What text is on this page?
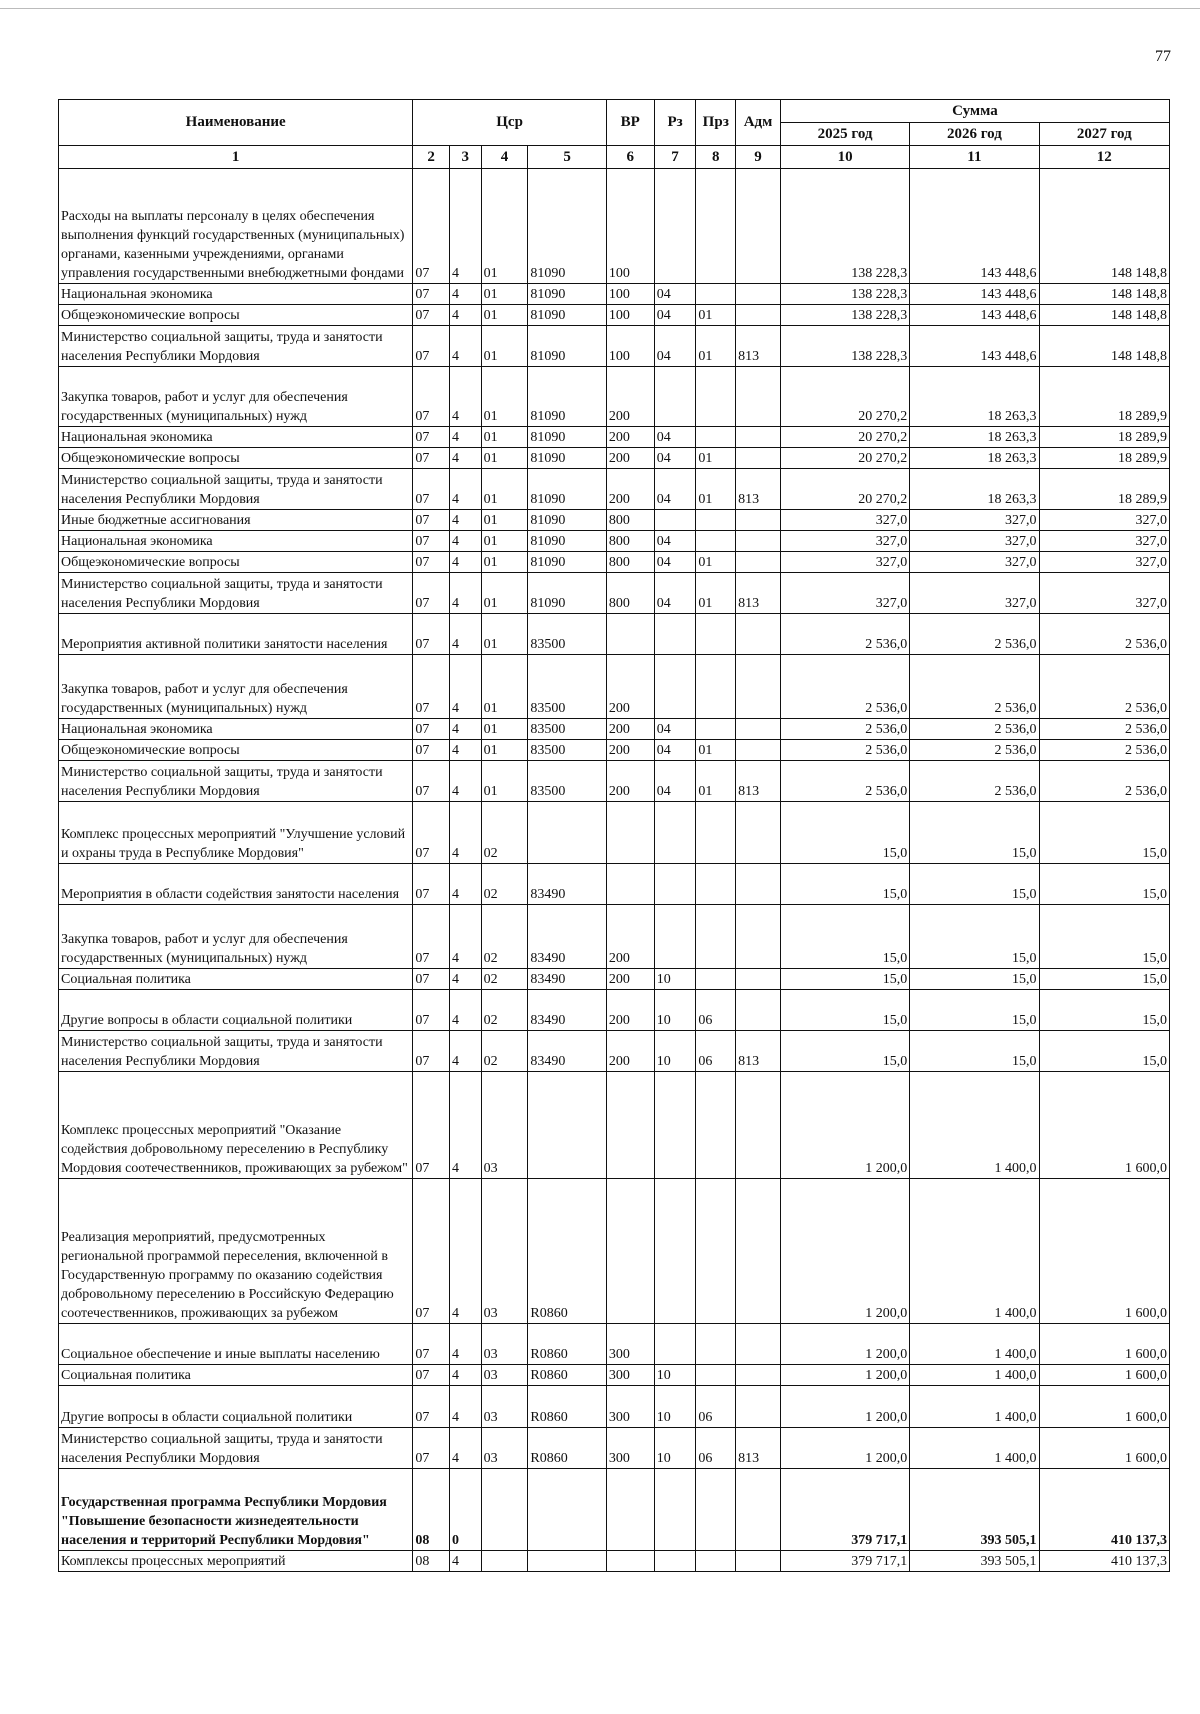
77
Наименование	Цср				ВР	Рз	Прз	Адм	Сумма		
									2025 год	2026 год	2027 год
1	2	3	4	5	6	7	8	9	10	11	12
Расходы на выплаты персоналу в целях обеспечения выполнения функций государственных (муниципальных) органами, казенными учреждениями, органами управления государственными внебюджетными фондами	07	4	01	81090	100				138 228,3	143 448,6	148 148,8
Национальная экономика	07	4	01	81090	100	04			138 228,3	143 448,6	148 148,8
Общеэкономические вопросы	07	4	01	81090	100	04	01		138 228,3	143 448,6	148 148,8
Министерство социальной защиты, труда и занятости населения Республики Мордовия	07	4	01	81090	100	04	01	813	138 228,3	143 448,6	148 148,8
Закупка товаров, работ и услуг для обеспечения государственных (муниципальных) нужд	07	4	01	81090	200				20 270,2	18 263,3	18 289,9
Национальная экономика	07	4	01	81090	200	04			20 270,2	18 263,3	18 289,9
Общеэкономические вопросы	07	4	01	81090	200	04	01		20 270,2	18 263,3	18 289,9
Министерство социальной защиты, труда и занятости населения Республики Мордовия	07	4	01	81090	200	04	01	813	20 270,2	18 263,3	18 289,9
Иные бюджетные ассигнования	07	4	01	81090	800				327,0	327,0	327,0
Национальная экономика	07	4	01	81090	800	04			327,0	327,0	327,0
Общеэкономические вопросы	07	4	01	81090	800	04	01		327,0	327,0	327,0
Министерство социальной защиты, труда и занятости населения Республики Мордовия	07	4	01	81090	800	04	01	813	327,0	327,0	327,0
Мероприятия активной политики занятости населения	07	4	01	83500					2 536,0	2 536,0	2 536,0
Закупка товаров, работ и услуг для обеспечения государственных (муниципальных) нужд	07	4	01	83500	200				2 536,0	2 536,0	2 536,0
Национальная экономика	07	4	01	83500	200	04			2 536,0	2 536,0	2 536,0
Общеэкономические вопросы	07	4	01	83500	200	04	01		2 536,0	2 536,0	2 536,0
Министерство социальной защиты, труда и занятости населения Республики Мордовия	07	4	01	83500	200	04	01	813	2 536,0	2 536,0	2 536,0
Комплекс процессных мероприятий "Улучшение условий и охраны труда в Республике Мордовия"	07	4	02						15,0	15,0	15,0
Мероприятия в области содействия занятости населения	07	4	02	83490					15,0	15,0	15,0
Закупка товаров, работ и услуг для обеспечения государственных (муниципальных) нужд	07	4	02	83490	200				15,0	15,0	15,0
Социальная политика	07	4	02	83490	200	10			15,0	15,0	15,0
Другие вопросы в области социальной политики	07	4	02	83490	200	10	06		15,0	15,0	15,0
Министерство социальной защиты, труда и занятости населения Республики Мордовия	07	4	02	83490	200	10	06	813	15,0	15,0	15,0
Комплекс процессных мероприятий "Оказание содействия добровольному переселению в Республику Мордовия соотечественников, проживающих за рубежом"	07	4	03						1 200,0	1 400,0	1 600,0
Реализация мероприятий, предусмотренных региональной программой переселения, включенной в Государственную программу по оказанию содействия добровольному переселению в Российскую Федерацию соотечественников, проживающих за рубежом	07	4	03	R0860					1 200,0	1 400,0	1 600,0
Социальное обеспечение и иные выплаты населению	07	4	03	R0860	300				1 200,0	1 400,0	1 600,0
Социальная политика	07	4	03	R0860	300	10			1 200,0	1 400,0	1 600,0
Другие вопросы в области социальной политики	07	4	03	R0860	300	10	06		1 200,0	1 400,0	1 600,0
Министерство социальной защиты, труда и занятости населения Республики Мордовия	07	4	03	R0860	300	10	06	813	1 200,0	1 400,0	1 600,0
Государственная программа Республики Мордовия "Повышение безопасности жизнедеятельности населения и территорий Республики Мордовия"	08	0							379 717,1	393 505,1	410 137,3
Комплексы процессных мероприятий	08	4							379 717,1	393 505,1	410 137,3
